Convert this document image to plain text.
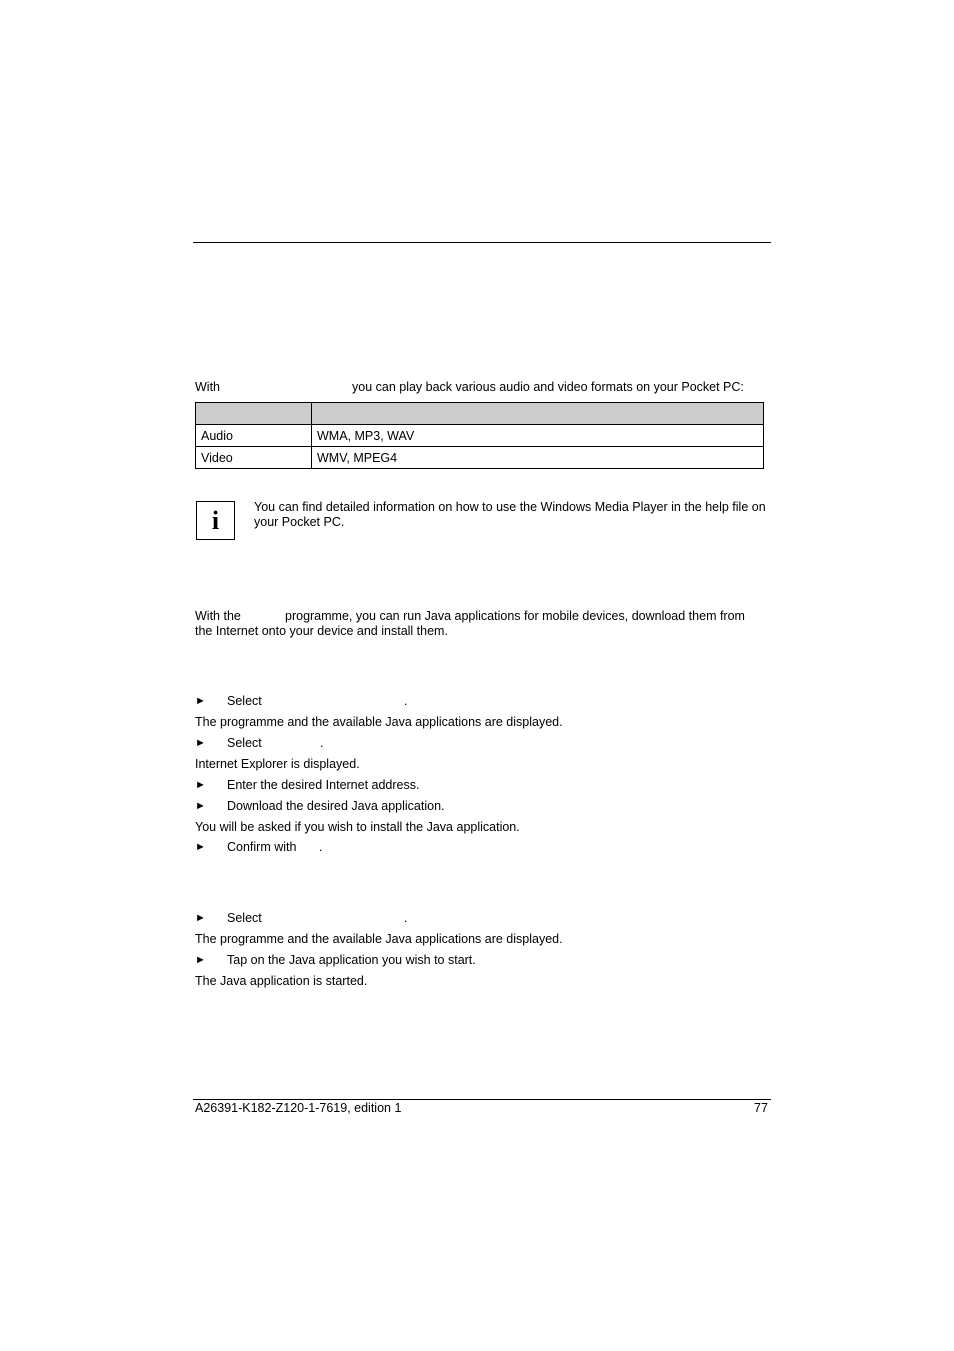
With	you can play back various audio and video formats on your Pocket PC:

Audio	WMA, MP3, WAV
Video	WMV, MPEG4
i	You can find detailed information on how to use the Windows Media Player in the help file on your Pocket PC.
With the	programme, you can run Java applications for mobile devices, download them from
the Internet onto your device and install them.
► Select	.
The programme and the available Java applications are displayed.
► Select	.
Internet Explorer is displayed.
► Enter the desired Internet address.
► Download the desired Java application.
You will be asked if you wish to install the Java application.
► Confirm with .
► Select	.
The programme and the available Java applications are displayed.
► Tap on the Java application you wish to start.
The Java application is started.
A26391-K182-Z120-1-7619, edition 1	77
